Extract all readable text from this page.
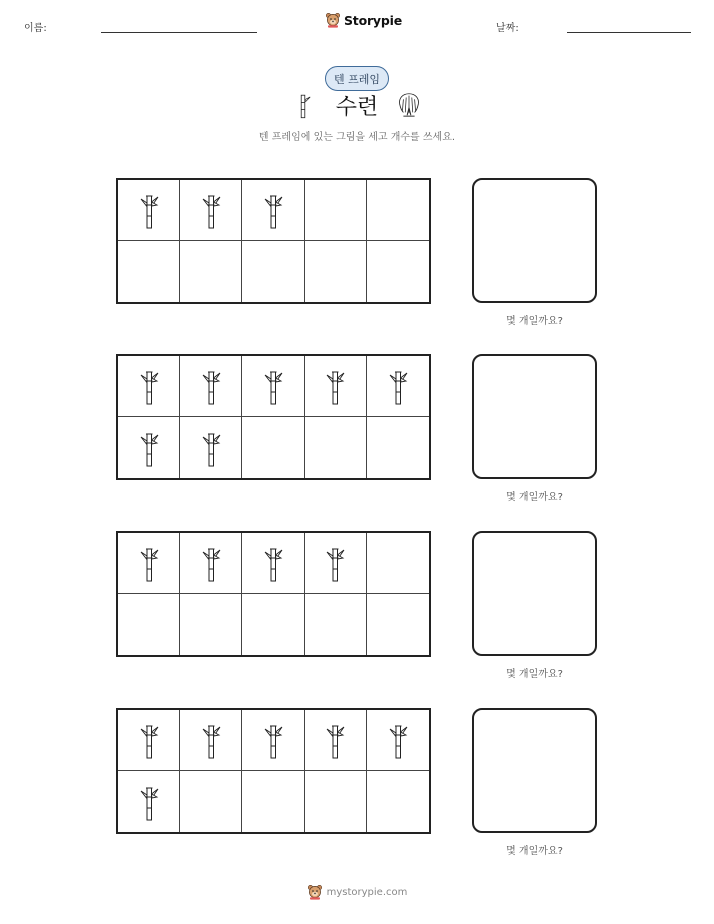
이름:
Storypie
날짜:
텐 프레임
수련
텐 프레임에 있는 그림을 세고 개수를 쓰세요.
몇 개일까요?
몇 개일까요?
몇 개일까요?
몇 개일까요?
mystorypie.com
